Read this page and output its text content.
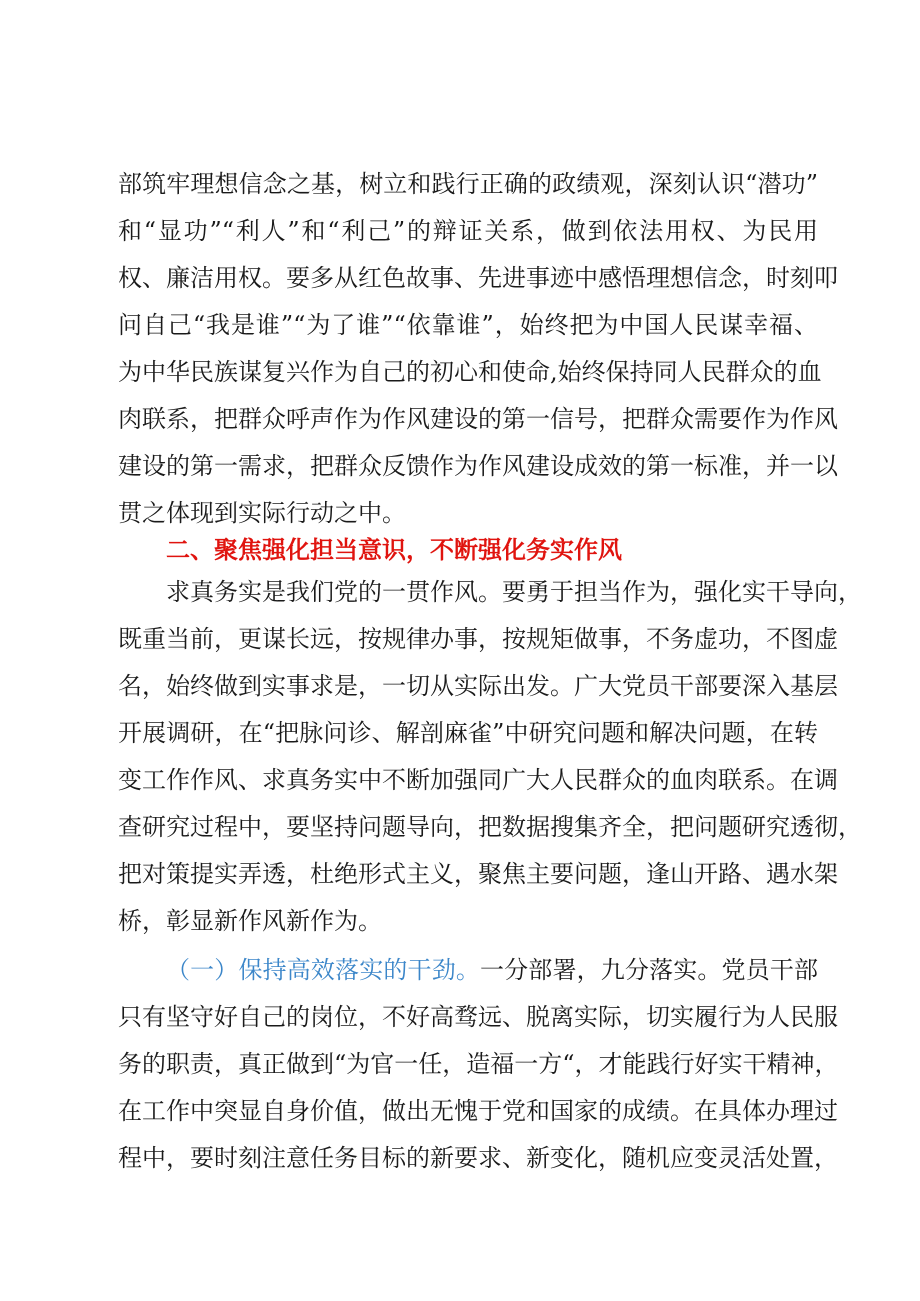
部筑牢理想信念之基，树立和践行正确的政绩观，深刻认识“潜功”
和“显功”“利人”和“利己”的辩证关系，做到依法用权、为民用
权、廉洁用权。要多从红色故事、先进事迹中感悟理想信念，时刻叩
问自己“我是谁”“为了谁”“依靠谁”，始终把为中国人民谋幸福、
为中华民族谋复兴作为自己的初心和使命,始终保持同人民群众的血
肉联系，把群众呼声作为作风建设的第一信号，把群众需要作为作风
建设的第一需求，把群众反馈作为作风建设成效的第一标准，并一以
贯之体现到实际行动之中。
二、聚焦强化担当意识，不断强化务实作风
求真务实是我们党的一贯作风。要勇于担当作为，强化实干导向，
既重当前，更谋长远，按规律办事，按规矩做事，不务虚功，不图虚
名，始终做到实事求是，一切从实际出发。广大党员干部要深入基层
开展调研，在“把脉问诊、解剖麻雀”中研究问题和解决问题，在转
变工作作风、求真务实中不断加强同广大人民群众的血肉联系。在调
查研究过程中，要坚持问题导向，把数据搜集齐全，把问题研究透彻，
把对策提实弄透，杜绝形式主义，聚焦主要问题，逢山开路、遇水架
桥，彰显新作风新作为。
（一）保持高效落实的干劲。一分部署，九分落实。党员干部
只有坚守好自己的岗位，不好高骛远、脱离实际，切实履行为人民服
务的职责，真正做到“为官一任，造福一方“，才能践行好实干精神，
在工作中突显自身价值，做出无愧于党和国家的成绩。在具体办理过
程中，要时刻注意任务目标的新要求、新变化，随机应变灵活处置，
